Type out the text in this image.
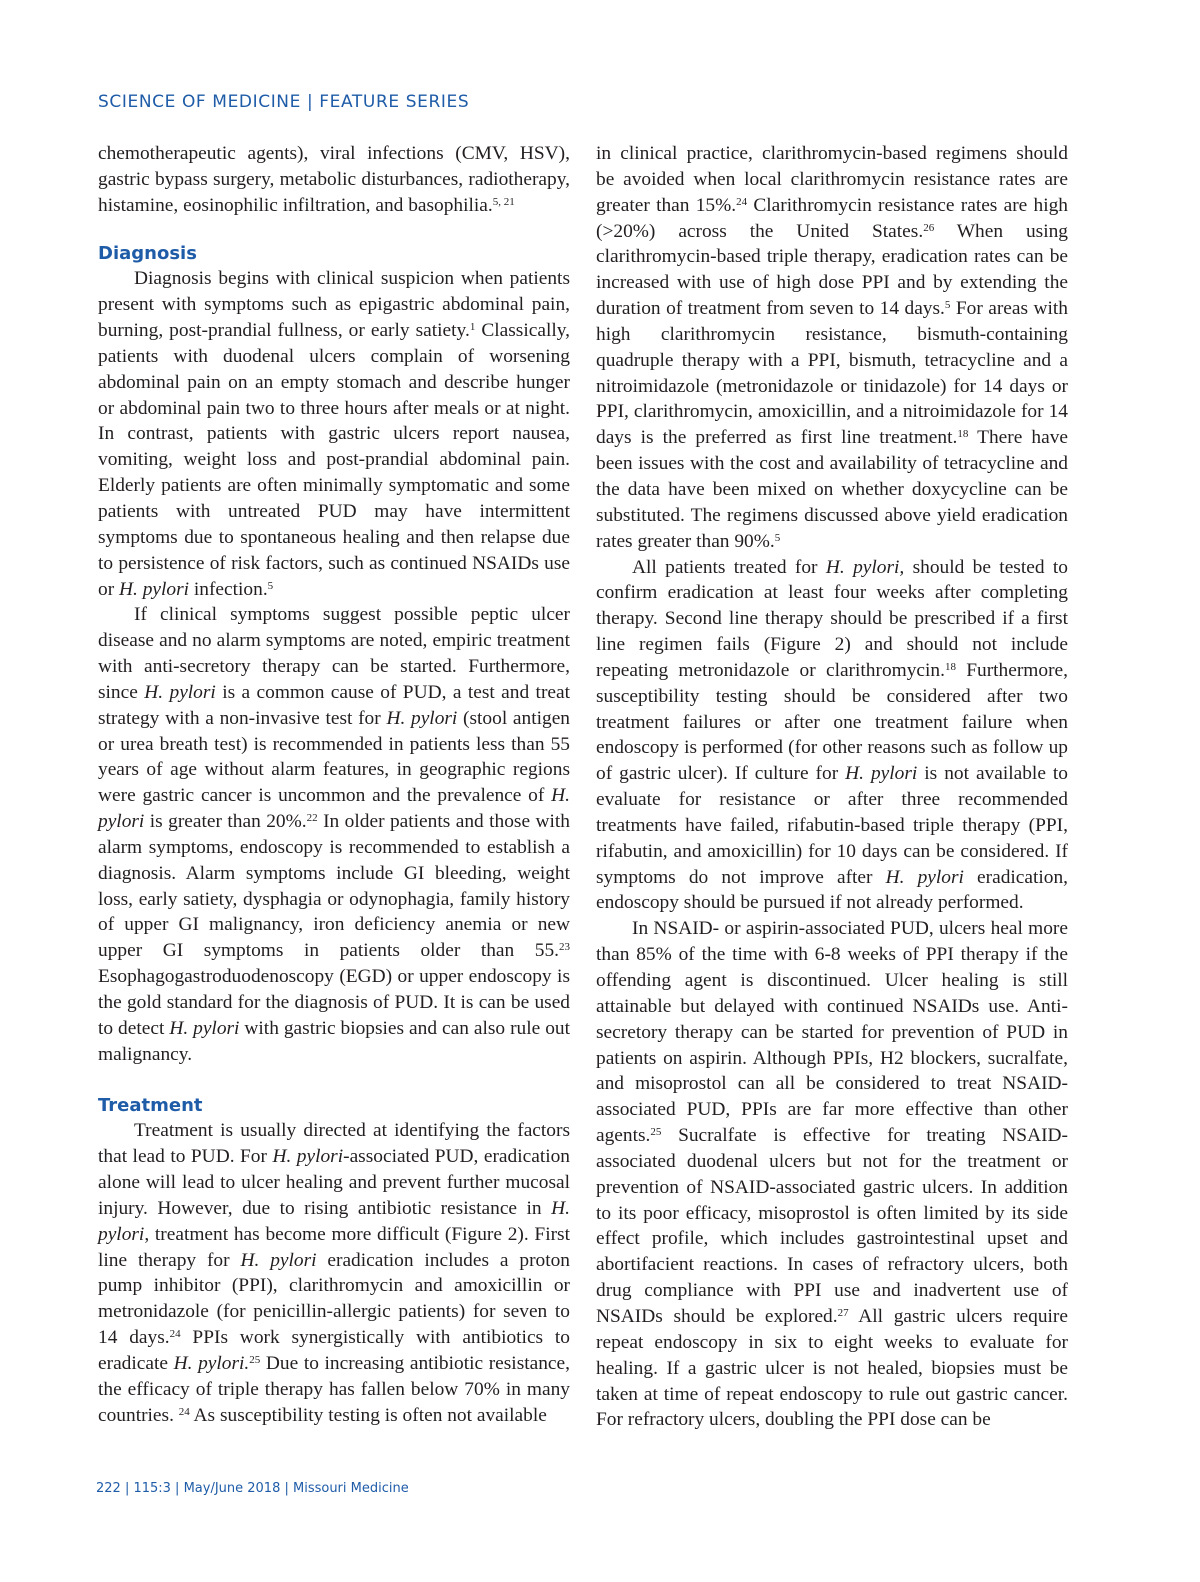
SCIENCE OF MEDICINE | FEATURE SERIES

chemotherapeutic agents), viral infections (CMV, HSV), gastric bypass surgery, metabolic disturbances, radiotherapy, histamine, eosinophilic infiltration, and basophilia.$^{5, 21}$

Diagnosis

Diagnosis begins with clinical suspicion when patients present with symptoms such as epigastric abdominal pain, burning, post-prandial fullness, or early satiety.$^1$ Classically, patients with duodenal ulcers complain of worsening abdominal pain on an empty stomach and describe hunger or abdominal pain two to three hours after meals or at night. In contrast, patients with gastric ulcers report nausea, vomiting, weight loss and post-prandial abdominal pain. Elderly patients are often minimally symptomatic and some patients with untreated PUD may have intermittent symptoms due to spontaneous healing and then relapse due to persistence of risk factors, such as continued NSAIDs use or H. pylori infection.$^5$

If clinical symptoms suggest possible peptic ulcer disease and no alarm symptoms are noted, empiric treatment with anti-secretory therapy can be started. Furthermore, since H. pylori is a common cause of PUD, a test and treat strategy with a non-invasive test for H. pylori (stool antigen or urea breath test) is recommended in patients less than 55 years of age without alarm features, in geographic regions were gastric cancer is uncommon and the prevalence of H. pylori is greater than 20%.$^{22}$ In older patients and those with alarm symptoms, endoscopy is recommended to establish a diagnosis. Alarm symptoms include GI bleeding, weight loss, early satiety, dysphagia or odynophagia, family history of upper GI malignancy, iron deficiency anemia or new upper GI symptoms in patients older than 55.23 Esophagogastroduodenoscopy (EGD) or upper endoscopy is the gold standard for the diagnosis of PUD. It is can be used to detect H. pylori with gastric biopsies and can also rule out malignancy.

Treatment

Treatment is usually directed at identifying the factors that lead to PUD. For H. pylori-associated PUD, eradication alone will lead to ulcer healing and prevent further mucosal injury. However, due to rising antibiotic resistance in H. pylori, treatment has become more difficult (Figure 2). First line therapy for H. pylori eradication includes a proton pump inhibitor (PPI), clarithromycin and amoxicillin or metronidazole (for penicillin-allergic patients) for seven to 14 days.$^{24}$ PPIs work synergistically with antibiotics to eradicate H. pylori.$^{25}$ Due to increasing antibiotic resistance, the efficacy of triple therapy has fallen below 70% in many countries. $^{24}$ As susceptibility testing is often not available

in clinical practice, clarithromycin-based regimens should be avoided when local clarithromycin resistance rates are greater than 15%.$^{24}$ Clarithromycin resistance rates are high (>20%) across the United States.$^{26}$ When using clarithromycin-based triple therapy, eradication rates can be increased with use of high dose PPI and by extending the duration of treatment from seven to 14 days.$^5$ For areas with high clarithromycin resistance, bismuth-containing quadruple therapy with a PPI, bismuth, tetracycline and a nitroimidazole (metronidazole or tinidazole) for 14 days or PPI, clarithromycin, amoxicillin, and a nitroimidazole for 14 days is the preferred as first line treatment.$^{18}$ There have been issues with the cost and availability of tetracycline and the data have been mixed on whether doxycycline can be substituted. The regimens discussed above yield eradication rates greater than 90%.$^5$

All patients treated for H. pylori, should be tested to confirm eradication at least four weeks after completing therapy. Second line therapy should be prescribed if a first line regimen fails (Figure 2) and should not include repeating metronidazole or clarithromycin.$^{18}$ Furthermore, susceptibility testing should be considered after two treatment failures or after one treatment failure when endoscopy is performed (for other reasons such as follow up of gastric ulcer). If culture for H. pylori is not available to evaluate for resistance or after three recommended treatments have failed, rifabutin-based triple therapy (PPI, rifabutin, and amoxicillin) for 10 days can be considered. If symptoms do not improve after H. pylori eradication, endoscopy should be pursued if not already performed.

In NSAID- or aspirin-associated PUD, ulcers heal more than 85% of the time with 6-8 weeks of PPI therapy if the offending agent is discontinued. Ulcer healing is still attainable but delayed with continued NSAIDs use. Anti-secretory therapy can be started for prevention of PUD in patients on aspirin. Although PPIs, H2 blockers, sucralfate, and misoprostol can all be considered to treat NSAID-associated PUD, PPIs are far more effective than other agents.$^{25}$ Sucralfate is effective for treating NSAID-associated duodenal ulcers but not for the treatment or prevention of NSAID-associated gastric ulcers. In addition to its poor efficacy, misoprostol is often limited by its side effect profile, which includes gastrointestinal upset and abortifacient reactions. In cases of refractory ulcers, both drug compliance with PPI use and inadvertent use of NSAIDs should be explored.$^{27}$ All gastric ulcers require repeat endoscopy in six to eight weeks to evaluate for healing. If a gastric ulcer is not healed, biopsies must be taken at time of repeat endoscopy to rule out gastric cancer. For refractory ulcers, doubling the PPI dose can be

222 | 115:3 | May/June 2018 | Missouri Medicine
